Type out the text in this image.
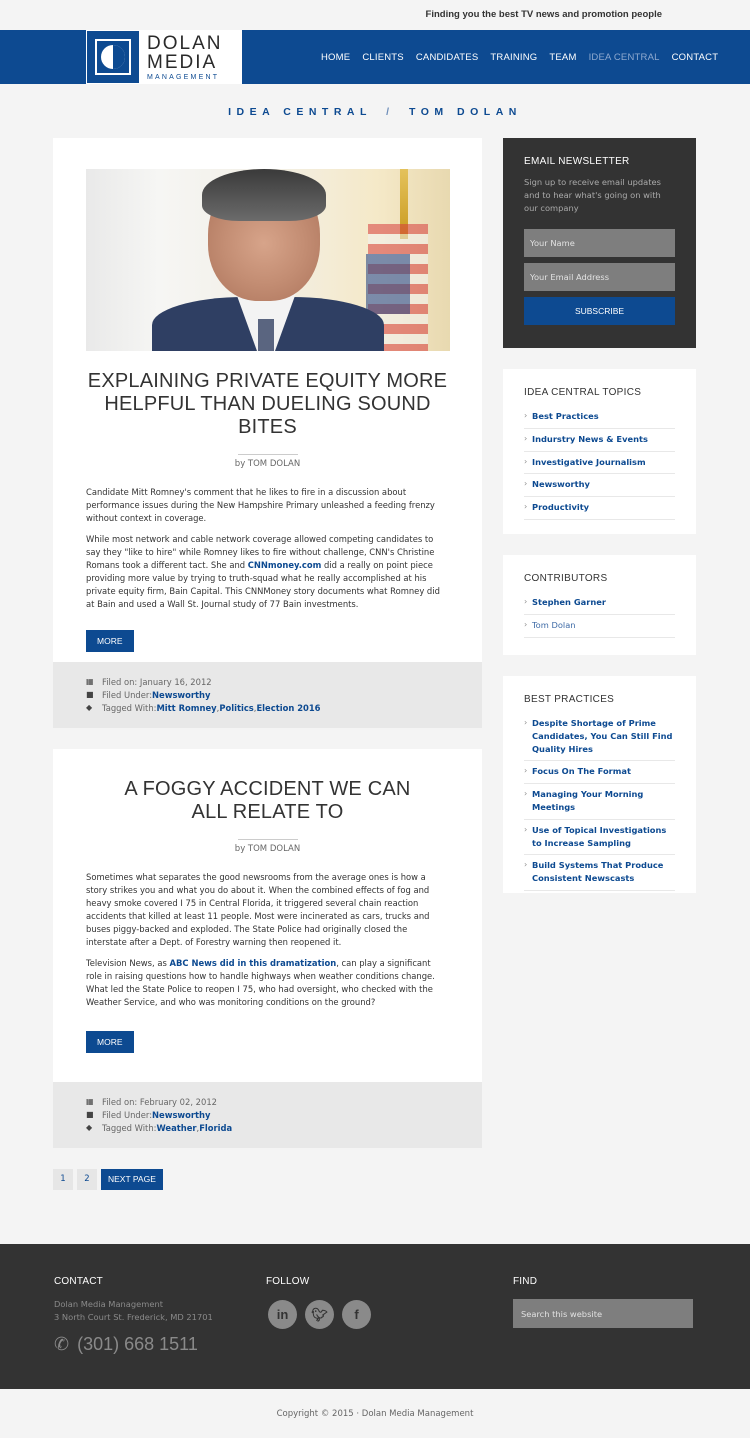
Finding you the best TV news and promotion people
DOLAN
MEDIA
MANAGEMENT
HOME CLIENTS CANDIDATES TRAINING TEAM IDEA CENTRAL CONTACT
IDEA CENTRAL / TOM DOLAN
EXPLAINING PRIVATE EQUITY MORE HELPFUL THAN DUELING SOUND BITES
by TOM DOLAN

Candidate Mitt Romney's comment that he likes to fire in a discussion about performance issues during the New Hampshire Primary unleashed a feeding frenzy without context in coverage.

While most network and cable network coverage allowed competing candidates to say they "like to hire" while Romney likes to fire without challenge, CNN's Christine Romans took a different tact. She and CNNmoney.com did a really on point piece providing more value by trying to truth-squad what he really accomplished at his private equity firm, Bain Capital. This CNNMoney story documents what Romney did at Bain and used a Wall St. Journal study of 77 Bain investments.

MORE
▦	Filed on: January 16, 2012
■	Filed Under: Newsworthy
◆	Tagged With: Mitt Romney , Politics , Election 2016
A FOGGY ACCIDENT WE CAN ALL RELATE TO
by TOM DOLAN

Sometimes what separates the good newsrooms from the average ones is how a story strikes you and what you do about it. When the combined effects of fog and heavy smoke covered I 75 in Central Florida, it triggered several chain reaction accidents that killed at least 11 people. Most were incinerated as cars, trucks and buses piggy-backed and exploded. The State Police had originally closed the interstate after a Dept. of Forestry warning then reopened it.

Television News, as ABC News did in this dramatization, can play a significant role in raising questions how to handle highways when weather conditions change. What led the State Police to reopen I 75, who had oversight, who checked with the Weather Service, and who was monitoring conditions on the ground?

MORE
▦	Filed on: February 02, 2012
■	Filed Under: Newsworthy
◆	Tagged With: Weather , Florida
1	2	NEXT PAGE
EMAIL NEWSLETTER

Sign up to receive email updates and to hear what's going on with our company

Your Name
Your Email Address
SUBSCRIBE
IDEA CENTRAL TOPICS
› Best Practices
› Indurstry News & Events
› Investigative Journalism
› Newsworthy
› Productivity
CONTRIBUTORS
› Stephen Garner
› Tom Dolan
BEST PRACTICES
› Despite Shortage of Prime Candidates, You Can Still Find Quality Hires
› Focus On The Format
› Managing Your Morning Meetings
› Use of Topical Investigations to Increase Sampling
› Build Systems That Produce Consistent Newscasts
CONTACT
Dolan Media Management
3 North Court St. Frederick, MD 21701
✆ (301) 668 1511
FOLLOW
in	🐦︎	f
FIND
Search this website
Copyright © 2015 · Dolan Media Management
